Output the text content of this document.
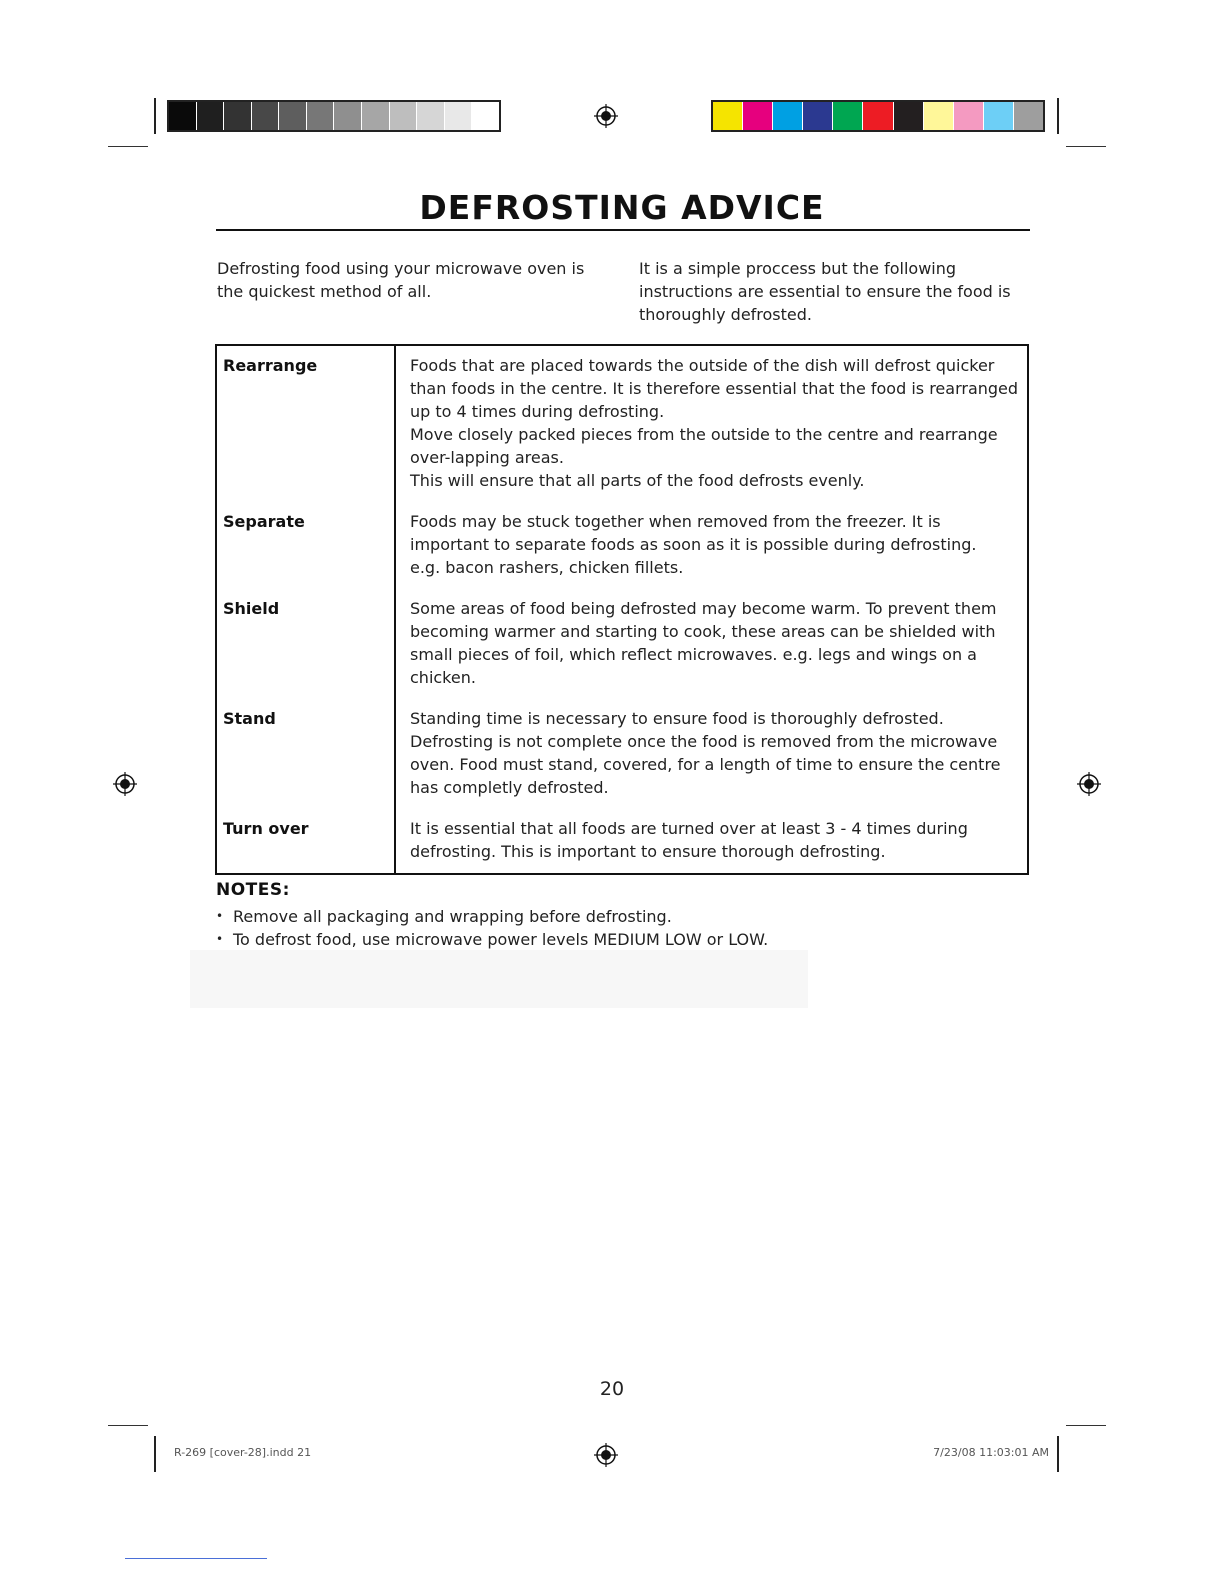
DEFROSTING ADVICE
Defrosting food using your microwave oven is the quickest method of all.
It is a simple proccess but the following instructions are essential to ensure the food is thoroughly defrosted.
Rearrange	Foods that are placed towards the outside of the dish will defrost quicker than foods in the centre. It is therefore essential that the food is rearranged up to 4 times during defrosting.
Move closely packed pieces from the outside to the centre and rearrange over-lapping areas.
This will ensure that all parts of the food defrosts evenly.

Separate	Foods may be stuck together when removed from the freezer. It is important to separate foods as soon as it is possible during defrosting.
e.g. bacon rashers, chicken fillets.

Shield	Some areas of food being defrosted may become warm. To prevent them becoming warmer and starting to cook, these areas can be shielded with small pieces of foil, which reflect microwaves. e.g. legs and wings on a chicken.

Stand	Standing time is necessary to ensure food is thoroughly defrosted.
Defrosting is not complete once the food is removed from the microwave oven. Food must stand, covered, for a length of time to ensure the centre has completly defrosted.

Turn over	It is essential that all foods are turned over at least 3 - 4 times during defrosting. This is important to ensure thorough defrosting.
NOTES:
• Remove all packaging and wrapping before defrosting.
• To defrost food, use microwave power levels MEDIUM LOW or LOW.
20
R-269 [cover-28].indd 21	7/23/08 11:03:01 AM
